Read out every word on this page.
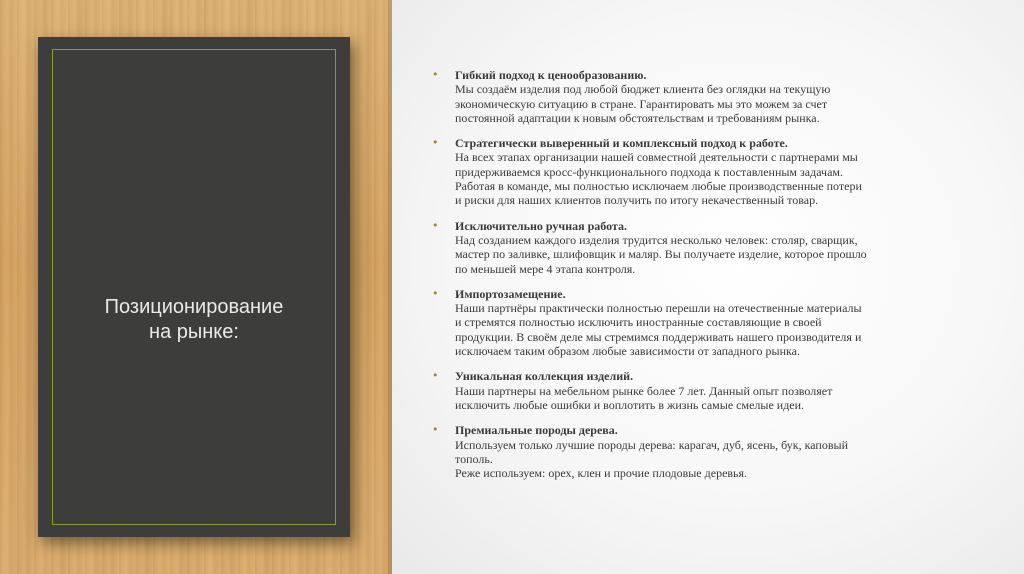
Позиционирование
на рынке:
• Гибкий подход к ценообразованию.
Мы создаём изделия под любой бюджет клиента без оглядки на текущую
экономическую ситуацию в стране. Гарантировать мы это можем за счет
постоянной адаптации к новым обстоятельствам и требованиям рынка.
• Стратегически выверенный и комплексный подход к работе.
На всех этапах организации нашей совместной деятельности с партнерами мы
придерживаемся кросс-функционального подхода к поставленным задачам.
Работая в команде, мы полностью исключаем любые производственные потери
и риски для наших клиентов получить по итогу некачественный товар.
• Исключительно ручная работа.
Над созданием каждого изделия трудится несколько человек: столяр, сварщик,
мастер по заливке, шлифовщик и маляр. Вы получаете изделие, которое прошло
по меньшей мере 4 этапа контроля.
• Импортозамещение.
Наши партнёры практически полностью перешли на отечественные материалы
и стремятся полностью исключить иностранные составляющие в своей
продукции. В своём деле мы стремимся поддерживать нашего производителя и
исключаем таким образом любые зависимости от западного рынка.
• Уникальная коллекция изделий.
Наши партнеры на мебельном рынке более 7 лет. Данный опыт позволяет
исключить любые ошибки и воплотить в жизнь самые смелые идеи.
• Премиальные породы дерева.
Используем только лучшие породы дерева: карагач, дуб, ясень, бук, каповый
тополь.
Реже используем: орех, клен и прочие плодовые деревья.
